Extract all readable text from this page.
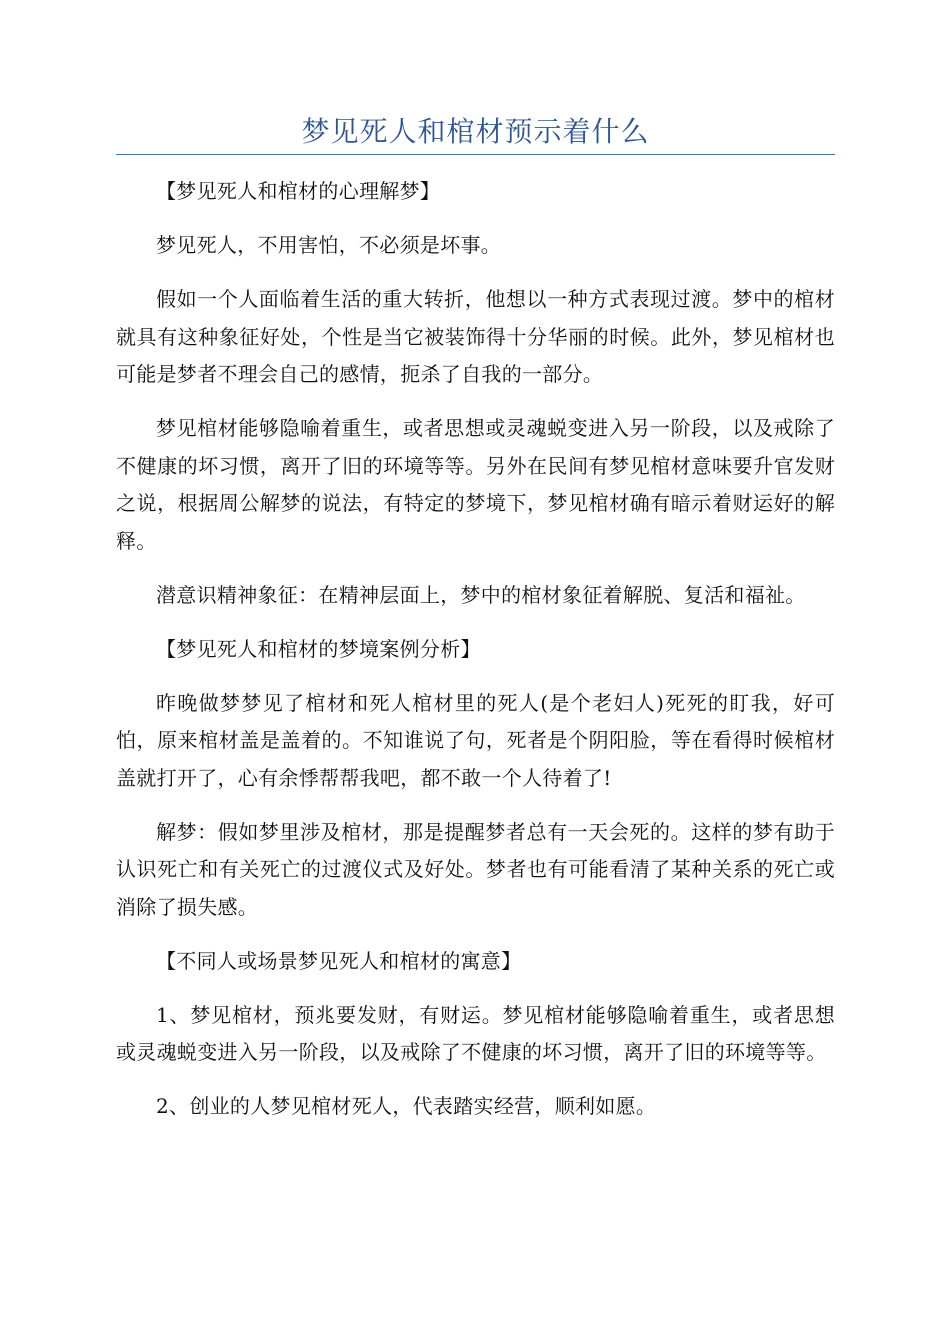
梦见死人和棺材预示着什么

【梦见死人和棺材的心理解梦】

梦见死人，不用害怕，不必须是坏事。

假如一个人面临着生活的重大转折，他想以一种方式表现过渡。梦中的棺材就具有这种象征好处，个性是当它被装饰得十分华丽的时候。此外，梦见棺材也可能是梦者不理会自己的感情，扼杀了自我的一部分。

梦见棺材能够隐喻着重生，或者思想或灵魂蜕变进入另一阶段，以及戒除了不健康的坏习惯，离开了旧的环境等等。另外在民间有梦见棺材意味要升官发财之说，根据周公解梦的说法，有特定的梦境下，梦见棺材确有暗示着财运好的解释。

潜意识精神象征：在精神层面上，梦中的棺材象征着解脱、复活和福祉。

【梦见死人和棺材的梦境案例分析】

昨晚做梦梦见了棺材和死人棺材里的死人(是个老妇人)死死的盯我，好可怕，原来棺材盖是盖着的。不知谁说了句，死者是个阴阳脸，等在看得时候棺材盖就打开了，心有余悸帮帮我吧，都不敢一个人待着了!

解梦：假如梦里涉及棺材，那是提醒梦者总有一天会死的。这样的梦有助于认识死亡和有关死亡的过渡仪式及好处。梦者也有可能看清了某种关系的死亡或消除了损失感。

【不同人或场景梦见死人和棺材的寓意】

1、梦见棺材，预兆要发财，有财运。梦见棺材能够隐喻着重生，或者思想或灵魂蜕变进入另一阶段，以及戒除了不健康的坏习惯，离开了旧的环境等等。

2、创业的人梦见棺材死人，代表踏实经营，顺利如愿。
